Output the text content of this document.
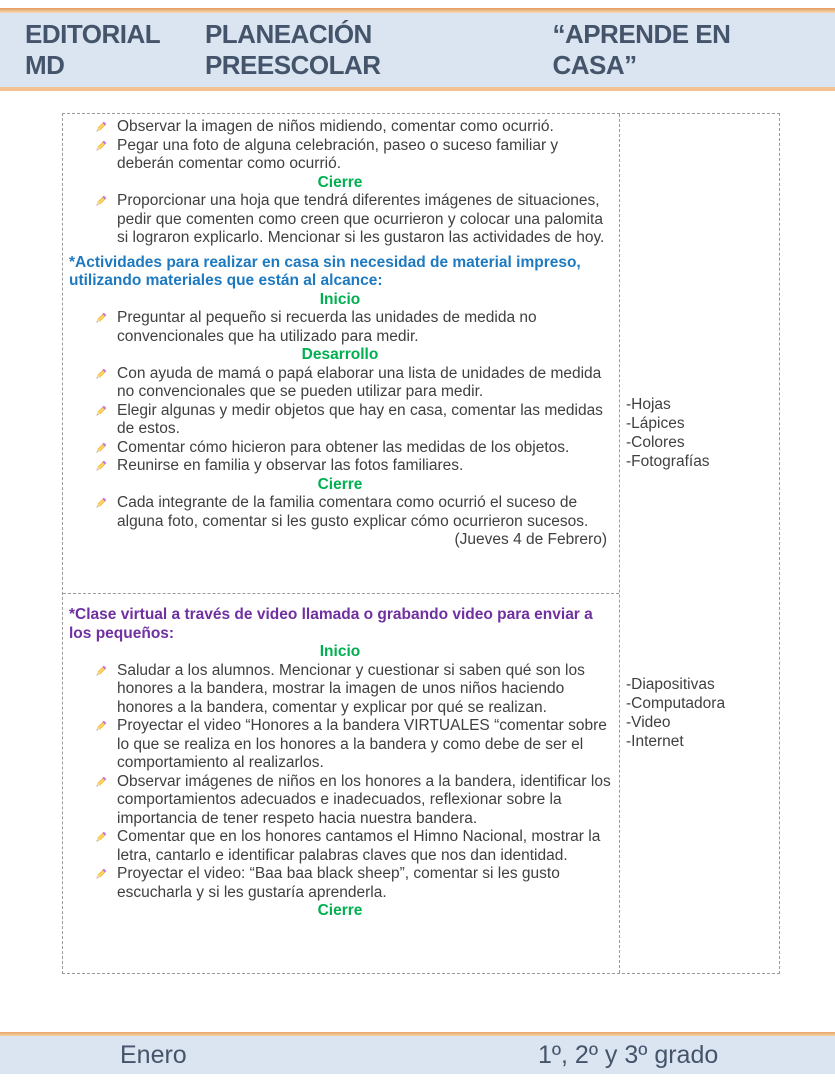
EDITORIAL MD
PLANEACIÓN PREESCOLAR
“APRENDE EN CASA”
Observar la imagen de niños midiendo, comentar como ocurrió.
Pegar una foto de alguna celebración, paseo o suceso familiar y deberán comentar como ocurrió.
Cierre
Proporcionar una hoja que tendrá diferentes imágenes de situaciones, pedir que comenten como creen que ocurrieron y colocar una palomita si lograron explicarlo. Mencionar si les gustaron las actividades de hoy.
*Actividades para realizar en casa sin necesidad de material impreso, utilizando materiales que están al alcance:
Inicio
Preguntar al pequeño si recuerda las unidades de medida no convencionales que ha utilizado para medir.
Desarrollo
Con ayuda de mamá o papá elaborar una lista de unidades de medida no convencionales que se pueden utilizar para medir.
Elegir algunas y medir objetos que hay en casa, comentar las medidas de estos.
Comentar cómo hicieron para obtener las medidas de los objetos.
Reunirse en familia y observar las fotos familiares.
Cierre
Cada integrante de la familia comentara como ocurrió el suceso de alguna foto, comentar si les gusto explicar cómo ocurrieron sucesos.
(Jueves 4 de Febrero)
*Clase virtual a través de video llamada o grabando video para enviar a los pequeños:
Inicio
Saludar a los alumnos. Mencionar y cuestionar si saben qué son los honores a la bandera, mostrar la imagen de unos niños haciendo honores a la bandera, comentar y explicar por qué se realizan.
Proyectar el video “Honores a la bandera VIRTUALES “comentar sobre lo que se realiza en los honores a la bandera y como debe de ser el comportamiento al realizarlos.
Observar imágenes de niños en los honores a la bandera, identificar los comportamientos adecuados e inadecuados, reflexionar sobre la importancia de tener respeto hacia nuestra bandera.
Comentar que en los honores cantamos el Himno Nacional, mostrar la letra, cantarlo e identificar palabras claves que nos dan identidad.
Proyectar el video: “Baa baa black sheep”, comentar si les gusto escucharla y si les gustaría aprenderla.
Cierre
-Hojas
-Lápices
-Colores
-Fotografías
-Diapositivas
-Computadora
-Video
-Internet
Enero	1º, 2º y 3º grado
